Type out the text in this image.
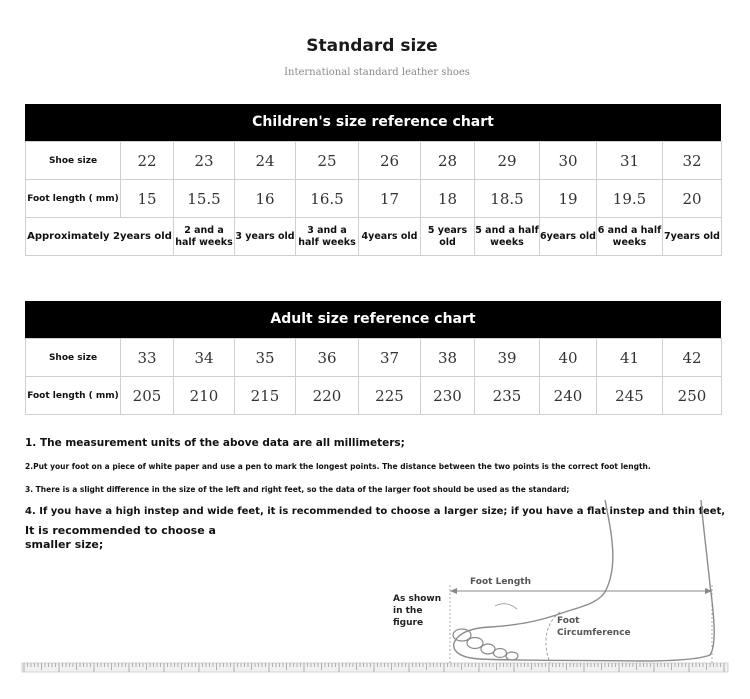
Standard size
International standard leather shoes
Children's size reference chart
Shoe size	22	23	24	25	26	28	29	30	31	32
Foot length ( mm)	15	15.5	16	16.5	17	18	18.5	19	19.5	20
Approximately 2years old		2 and a half weeks	3 years old	3 and a half weeks	4years old	5 years old	5 and a half weeks	6years old	6 and a half weeks	7years old
Adult size reference chart
Shoe size	33	34	35	36	37	38	39	40	41	42
Foot length ( mm)	205	210	215	220	225	230	235	240	245	250
1. The measurement units of the above data are all millimeters;
2.Put your foot on a piece of white paper and use a pen to mark the longest points. The distance between the two points is the correct foot length.
3. There is a slight difference in the size of the left and right feet, so the data of the larger foot should be used as the standard;
4. If you have a high instep and wide feet, it is recommended to choose a larger size; if you have a flat instep and thin feet,
It is recommended to choose a smaller size;
As shown in the figure
Foot Length
Foot Circumference
